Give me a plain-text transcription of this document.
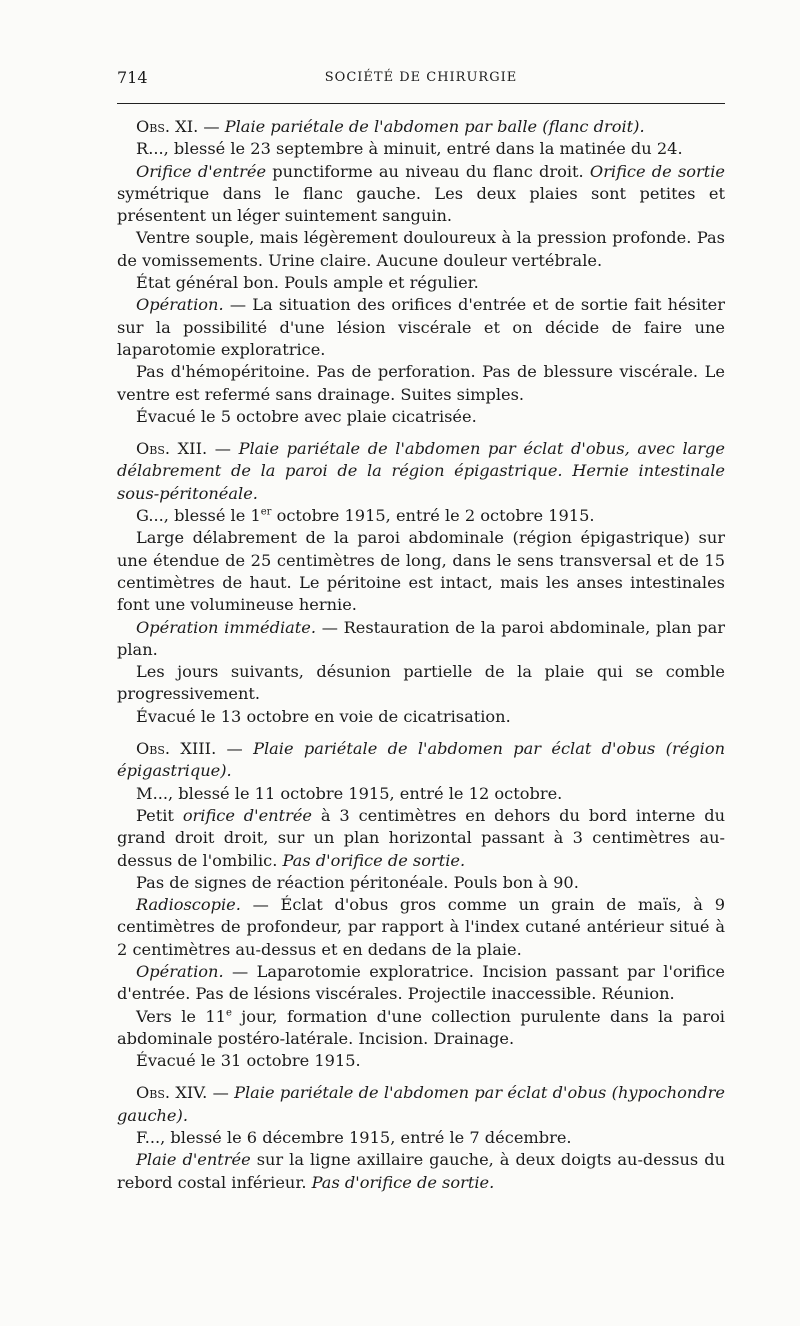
714	SOCIÉTÉ DE CHIRURGIE

Obs. XI. — Plaie pariétale de l'abdomen par balle (flanc droit).

R..., blessé le 23 septembre à minuit, entré dans la matinée du 24.

Orifice d'entrée punctiforme au niveau du flanc droit. Orifice de sortie symétrique dans le flanc gauche. Les deux plaies sont petites et présentent un léger suintement sanguin.

Ventre souple, mais légèrement douloureux à la pression profonde. Pas de vomissements. Urine claire. Aucune douleur vertébrale.

État général bon. Pouls ample et régulier.

Opération. — La situation des orifices d'entrée et de sortie fait hésiter sur la possibilité d'une lésion viscérale et on décide de faire une laparotomie exploratrice.

Pas d'hémopéritoine. Pas de perforation. Pas de blessure viscérale. Le ventre est refermé sans drainage. Suites simples.

Évacué le 5 octobre avec plaie cicatrisée.

Obs. XII. — Plaie pariétale de l'abdomen par éclat d'obus, avec large délabrement de la paroi de la région épigastrique. Hernie intestinale sous-péritonéale.

G..., blessé le 1er octobre 1915, entré le 2 octobre 1915.

Large délabrement de la paroi abdominale (région épigastrique) sur une étendue de 25 centimètres de long, dans le sens transversal et de 15 centimètres de haut. Le péritoine est intact, mais les anses intestinales font une volumineuse hernie.

Opération immédiate. — Restauration de la paroi abdominale, plan par plan.

Les jours suivants, désunion partielle de la plaie qui se comble progressivement.

Évacué le 13 octobre en voie de cicatrisation.

Obs. XIII. — Plaie pariétale de l'abdomen par éclat d'obus (région épigastrique).

M..., blessé le 11 octobre 1915, entré le 12 octobre.

Petit orifice d'entrée à 3 centimètres en dehors du bord interne du grand droit droit, sur un plan horizontal passant à 3 centimètres au-dessus de l'ombilic. Pas d'orifice de sortie.

Pas de signes de réaction péritonéale. Pouls bon à 90.

Radioscopie. — Éclat d'obus gros comme un grain de maïs, à 9 centimètres de profondeur, par rapport à l'index cutané antérieur situé à 2 centimètres au-dessus et en dedans de la plaie.

Opération. — Laparotomie exploratrice. Incision passant par l'orifice d'entrée. Pas de lésions viscérales. Projectile inaccessible. Réunion.

Vers le 11e jour, formation d'une collection purulente dans la paroi abdominale postéro-latérale. Incision. Drainage.

Évacué le 31 octobre 1915.

Obs. XIV. — Plaie pariétale de l'abdomen par éclat d'obus (hypochondre gauche).

F..., blessé le 6 décembre 1915, entré le 7 décembre.

Plaie d'entrée sur la ligne axillaire gauche, à deux doigts au-dessus du rebord costal inférieur. Pas d'orifice de sortie.
